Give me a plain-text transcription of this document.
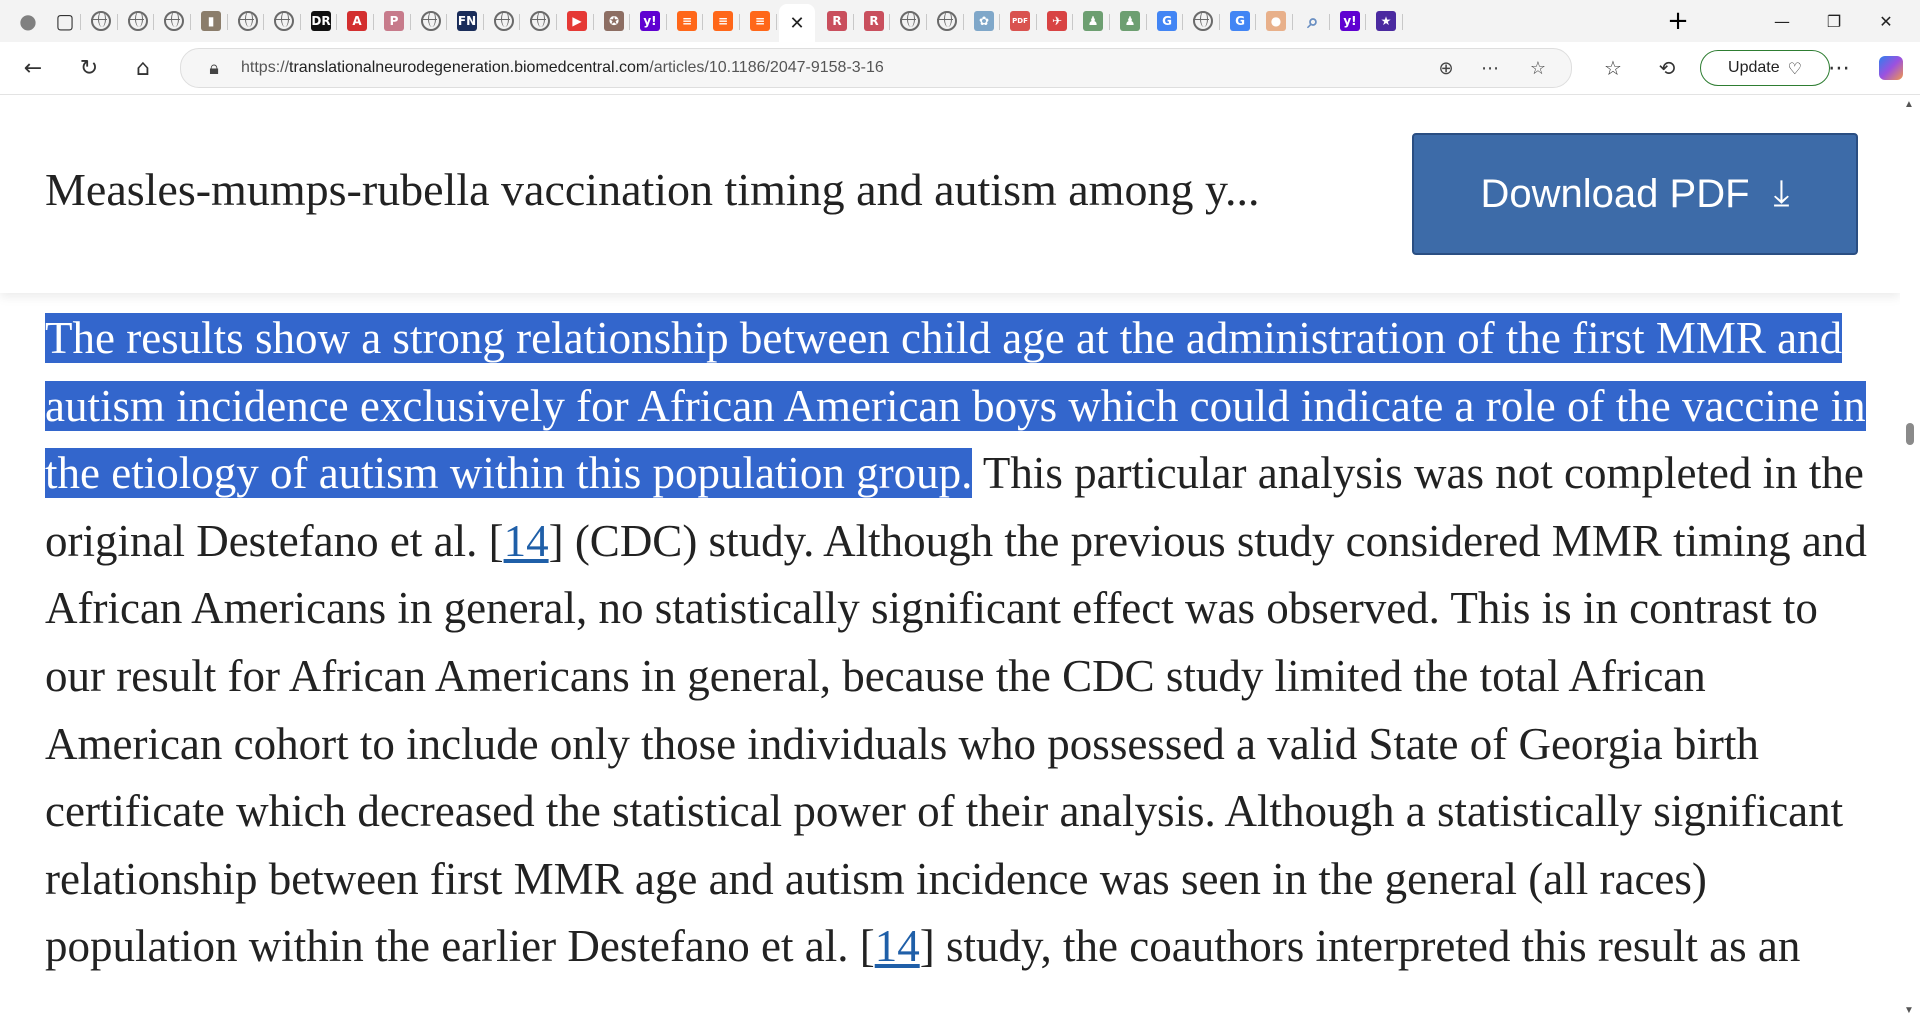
● ▢	▮	DR	A	P	FN	▶	✪	y!	≡	≡	≡	✕	R	R	✿	PDF	✈	♟	♟	G	G	● ⌕	y!	★	+	—	❐	✕
←	↻	⌂	🔒︎	https://translationalneurodegeneration.biomedcentral.com/articles/10.1186/2047-9158-3-16	⊕	⋯	☆	☆	⟲	Update ♡	⋯

The results show a strong relationship between child age at the administration of the first MMR and autism incidence exclusively for African American boys which could indicate a role of the vaccine in the etiology of autism within this population group. This particular analysis was not completed in the original Destefano et al. [14] (CDC) study. Although the previous study considered MMR timing and African Americans in general, no statistically significant effect was observed. This is in contrast to our result for African Americans in general, because the CDC study limited the total African American cohort to include only those individuals who possessed a valid State of Georgia birth certificate which decreased the statistical power of their analysis. Although a statistically significant relationship between first MMR age and autism incidence was seen in the general (all races) population within the earlier Destefano et al. [14] study, the coauthors interpreted this result as an

Measles-mumps-rubella vaccination timing and autism among y...	Download PDF ⤓
▲
▼
